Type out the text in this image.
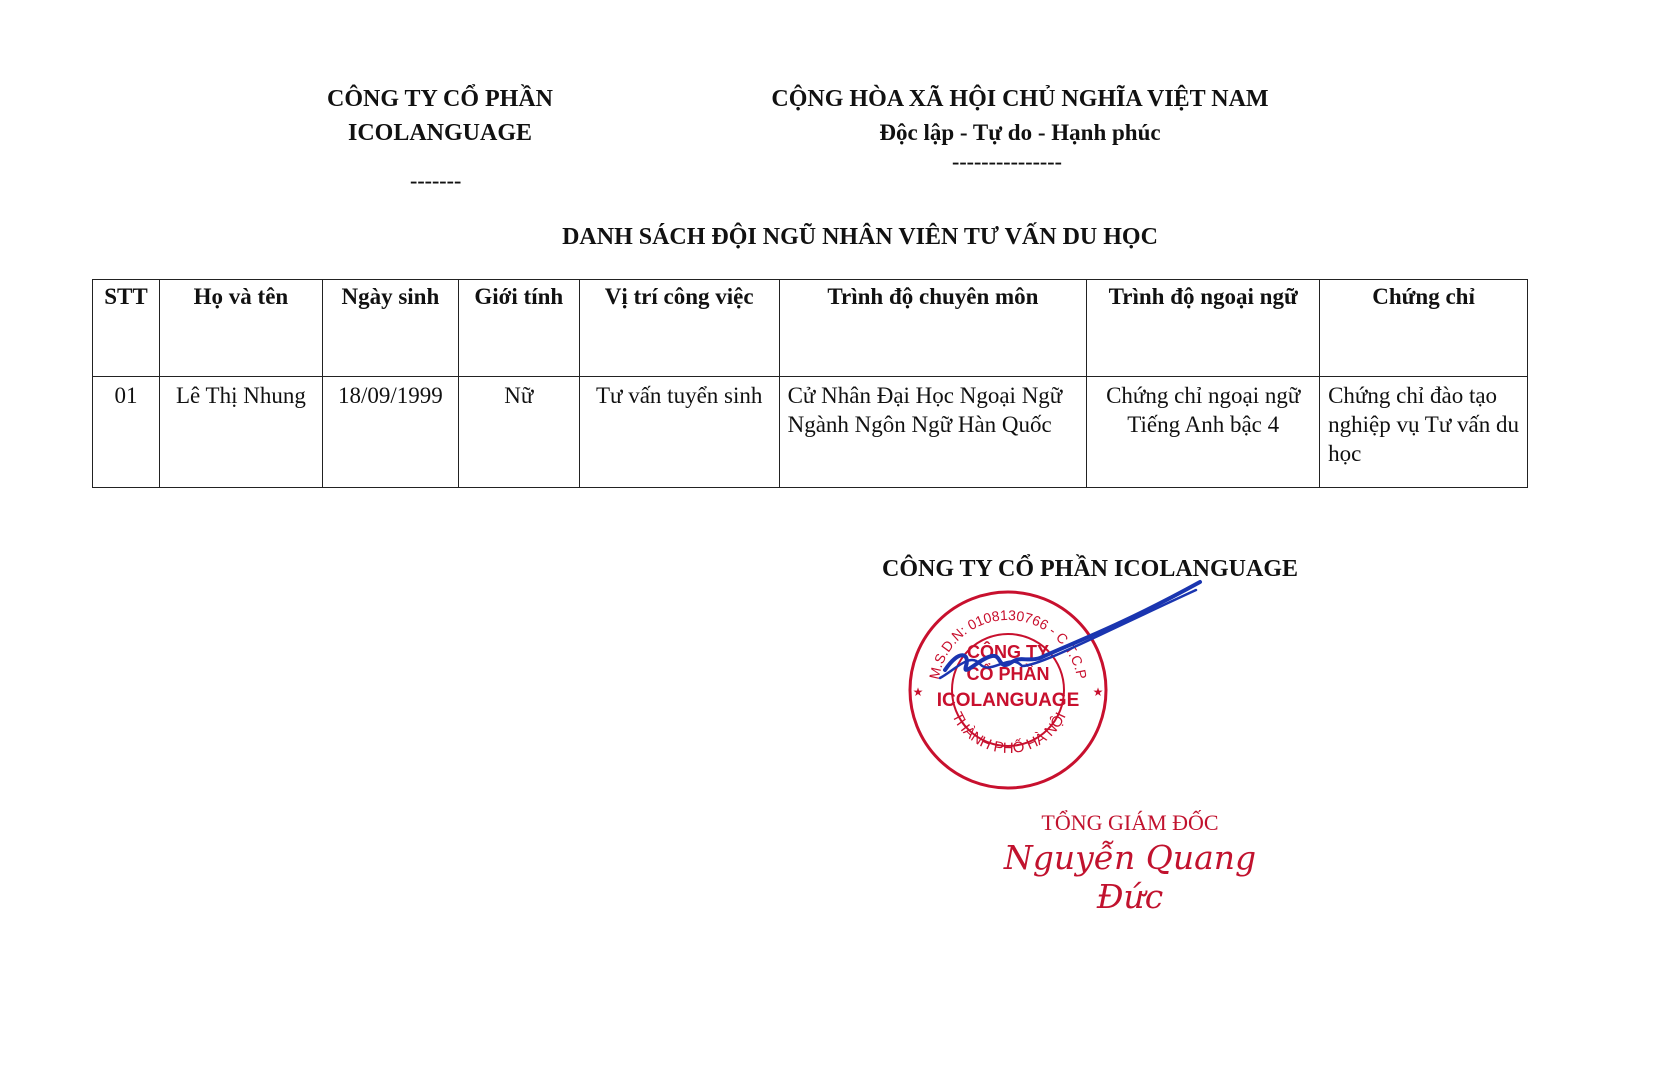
CÔNG TY CỔ PHẦN
ICOLANGUAGE
-------
CỘNG HÒA XÃ HỘI CHỦ NGHĨA VIỆT NAM
Độc lập - Tự do - Hạnh phúc
---------------
DANH SÁCH ĐỘI NGŨ NHÂN VIÊN TƯ VẤN DU HỌC
STT	Họ và tên	Ngày sinh	Giới tính	Vị trí công việc	Trình độ chuyên môn	Trình độ ngoại ngữ	Chứng chỉ
01	Lê Thị Nhung	18/09/1999	Nữ	Tư vấn tuyển sinh	Cử Nhân Đại Học Ngoại Ngữ Ngành Ngôn Ngữ Hàn Quốc	Chứng chỉ ngoại ngữ Tiếng Anh bậc 4	Chứng chỉ đào tạo nghiệp vụ Tư vấn du học
CÔNG TY CỔ PHẦN ICOLANGUAGE
M.S.D.N: 0108130766 - C.T.C.P
THÀNH PHỐ HÀ NỘI
★	★
CÔNG TY
CỔ PHẦN
ICOLANGUAGE
TỔNG GIÁM ĐỐC
Nguyễn Quang Đức
